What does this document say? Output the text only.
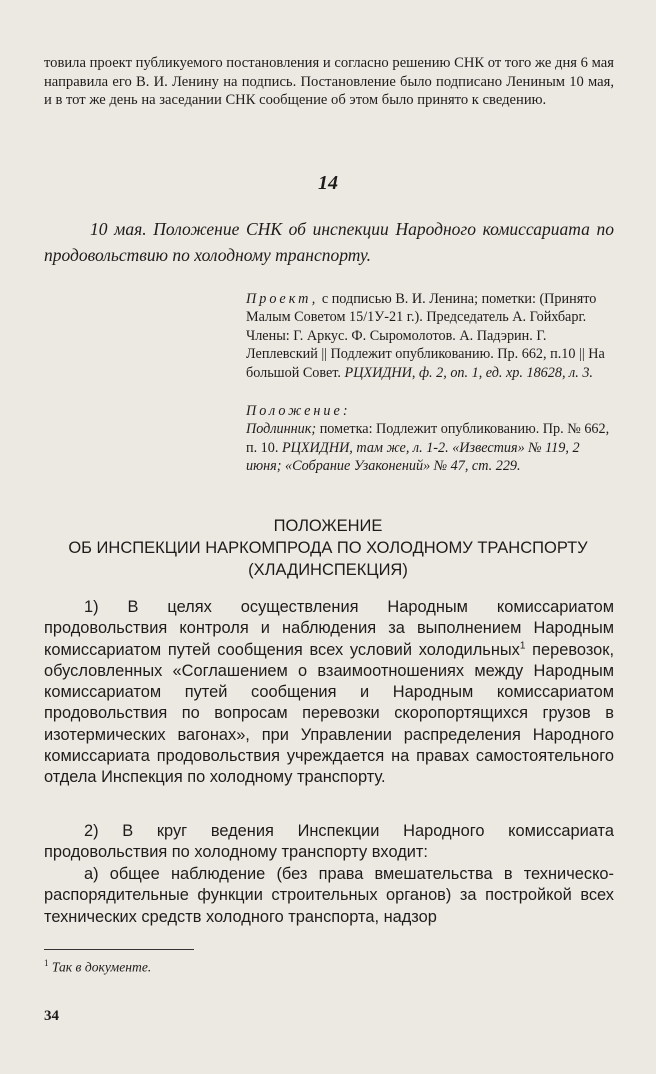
товила проект публикуемого постановления и согласно решению СНК от того же дня 6 мая направила его В. И. Ленину на подпись. Постановление было подписано Лениным 10 мая, и в тот же день на заседании СНК сообщение об этом было принято к сведению.
14
10 мая. Положение СНК об инспекции Народного комиссариата по продовольствию по холодному транспорту.
Проект, с подписью В. И. Ленина; пометки: (Принято Малым Советом 15/1У-21 г.). Председатель А. Гойхбарг. Члены: Г. Аркус. Ф. Сыромолотов. А. Падэрин. Г. Леплевский || Подлежит опубликованию. Пр. 662, п.10 || На большой Совет. РЦХИДНИ, ф. 2, оп. 1, ед. хр. 18628, л. 3.
Положение:
Подлинник; пометка: Подлежит опубликованию. Пр. № 662, п. 10. РЦХИДНИ, там же, л. 1-2. «Известия» № 119, 2 июня; «Собрание Узаконений» № 47, ст. 229.
ПОЛОЖЕНИЕ
ОБ ИНСПЕКЦИИ НАРКОМПРОДА ПО ХОЛОДНОМУ ТРАНСПОРТУ
(ХЛАДИНСПЕКЦИЯ)
1) В целях осуществления Народным комиссариатом продовольствия контроля и наблюдения за выполнением Народным комиссариатом путей сообщения всех условий холодильных$^1$ перевозок, обусловленных «Соглашением о взаимоотношениях между Народным комиссариатом путей сообщения и Народным комиссариатом продовольствия по вопросам перевозки скоропортящихся грузов в изотермических вагонах», при Управлении распределения Народного комиссариата продовольствия учреждается на правах самостоятельного отдела Инспекция по холодному транспорту.
2) В круг ведения Инспекции Народного комиссариата продовольствия по холодному транспорту входит:
а) общее наблюдение (без права вмешательства в техническо-распорядительные функции строительных органов) за постройкой всех технических средств холодного транспорта, надзор
$^1$ Так в документе.
34
